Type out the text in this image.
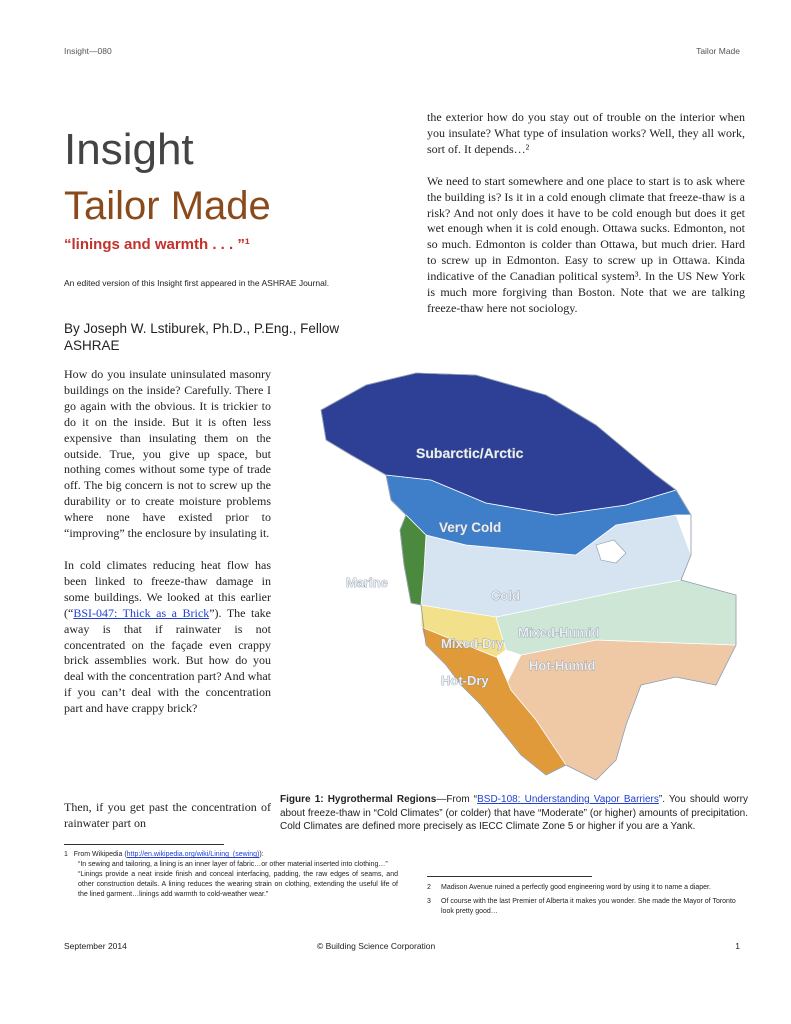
Insight—080	Tailor Made
Insight
Tailor Made
“linings and warmth . . . ”¹
An edited version of this Insight first appeared in the ASHRAE Journal.
By Joseph W. Lstiburek, Ph.D., P.Eng., Fellow ASHRAE

How do you insulate uninsulated masonry buildings on the inside? Carefully. There I go again with the obvious. It is trickier to do it on the inside. But it is often less expensive than insulating them on the outside. True, you give up space, but nothing comes without some type of trade off. The big concern is not to screw up the durability or to create moisture problems where none have existed prior to “improving” the enclosure by insulating it.

In cold climates reducing heat flow has been linked to freeze-thaw damage in some buildings. We looked at this earlier (“BSI-047: Thick as a Brick”). The take away is that if rainwater is not concentrated on the façade even crappy brick assemblies work. But how do you deal with the concentration part? And what if you can’t deal with the concentration part and have crappy brick?

Then, if you get past the concentration of rainwater part on

the exterior how do you stay out of trouble on the interior when you insulate? What type of insulation works? Well, they all work, sort of. It depends…²

We need to start somewhere and one place to start is to ask where the building is? Is it in a cold enough climate that freeze-thaw is a risk? And not only does it have to be cold enough but does it get wet enough when it is cold enough. Ottawa sucks. Edmonton, not so much. Edmonton is colder than Ottawa, but much drier. Hard to screw up in Edmonton. Easy to screw up in Ottawa. Kinda indicative of the Canadian political system³. In the US New York is much more forgiving than Boston. Note that we are talking freeze-thaw here not sociology.

Subarctic/Arctic
Very Cold
Marine
Cold
Mixed-Humid
Mixed-Dry
Hot-Humid
Hot-Dry
Figure 1: Hygrothermal Regions—From “BSD-108: Understanding Vapor Barriers”. You should worry about freeze-thaw in “Cold Climates” (or colder) that have “Moderate” (or higher) amounts of precipitation. Cold Climates are defined more precisely as IECC Climate Zone 5 or higher if you are a Yank.
1 From Wikipedia (http://en.wikipedia.org/wiki/Lining_(sewing)):
“In sewing and tailoring, a lining is an inner layer of fabric…or other material inserted into clothing…”
“Linings provide a neat inside finish and conceal interfacing, padding, the raw edges of seams, and other construction details. A lining reduces the wearing strain on clothing, extending the useful life of the lined garment…linings add warmth to cold-weather wear.”
2	Madison Avenue ruined a perfectly good engineering word by using it to name a diaper.
3	Of course with the last Premier of Alberta it makes you wonder. She made the Mayor of Toronto look pretty good…
September 2014	© Building Science Corporation	1
